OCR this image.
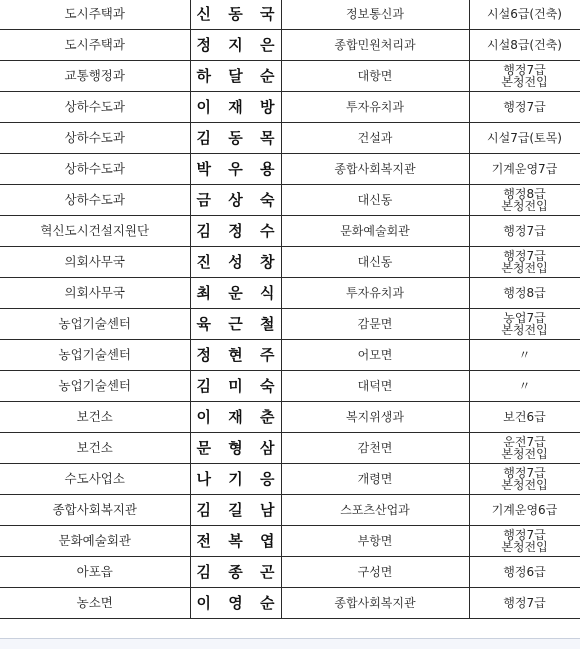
도시주택과	신 동 국	정보통신과	시설6급(건축)

도시주택과	정 지 은	종합민원처리과	시설8급(건축)

교통행정과	하 달 순	대항면	행정7급
본청전입

상하수도과	이 재 방	투자유치과	행정7급

상하수도과	김 동 목	건설과	시설7급(토목)

상하수도과	박 우 용	종합사회복지관	기계운영7급

상하수도과	금 상 숙	대신동	행정8급
본청전입

혁신도시건설지원단	김 정 수	문화예술회관	행정7급

의회사무국	진 성 창	대신동	행정7급
본청전입

의회사무국	최 운 식	투자유치과	행정8급

농업기술센터	육 근 철	감문면	농업7급
본청전입

농업기술센터	정 현 주	어모면	〃

농업기술센터	김 미 숙	대덕면	〃

보건소	이 재 춘	복지위생과	보건6급

보건소	문 형 삼	감천면	운전7급
본청전입

수도사업소	나 기 응	개령면	행정7급
본청전입

종합사회복지관	김 길 남	스포츠산업과	기계운영6급

문화예술회관	전 복 엽	부항면	행정7급
본청전입

아포읍	김 종 곤	구성면	행정6급

농소면	이 영 순	종합사회복지관	행정7급
